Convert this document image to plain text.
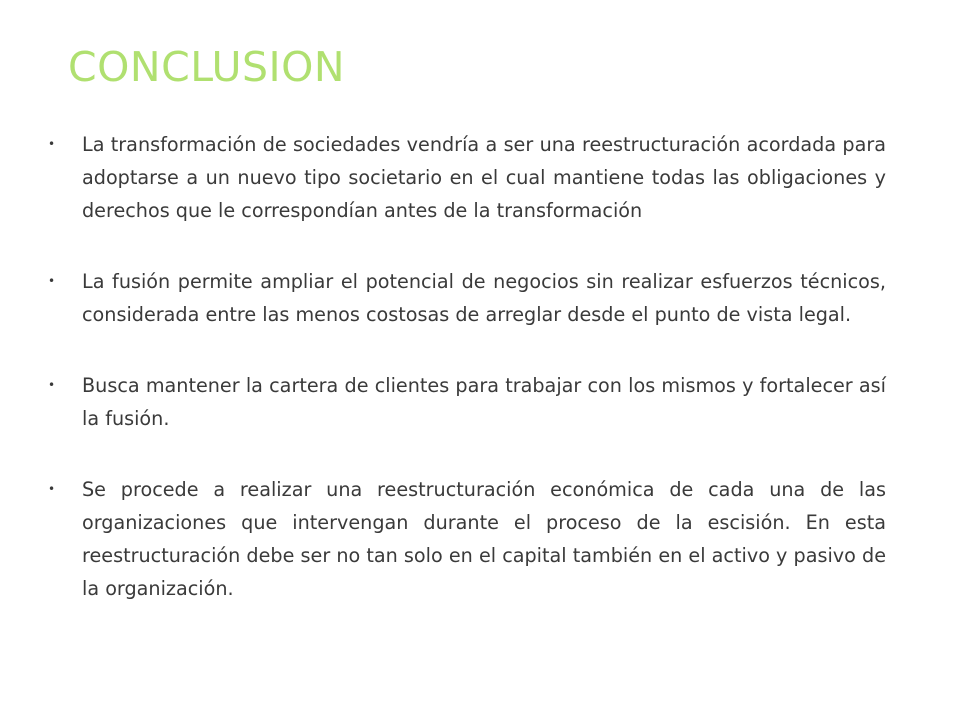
CONCLUSION
•	La transformación de sociedades vendría a ser una reestructuración acordada para adoptarse a un nuevo tipo societario en el cual mantiene todas las obligaciones y derechos que le correspondían antes de la transformación
•	La fusión permite ampliar el potencial de negocios sin realizar esfuerzos técnicos, considerada entre las menos costosas de arreglar desde el punto de vista legal.
•	Busca mantener la cartera de clientes para trabajar con los mismos y fortalecer así la fusión.
•	Se procede a realizar una reestructuración económica de cada una de las organizaciones que intervengan durante el proceso de la escisión. En esta reestructuración debe ser no tan solo en el capital también en el activo y pasivo de la organización.
